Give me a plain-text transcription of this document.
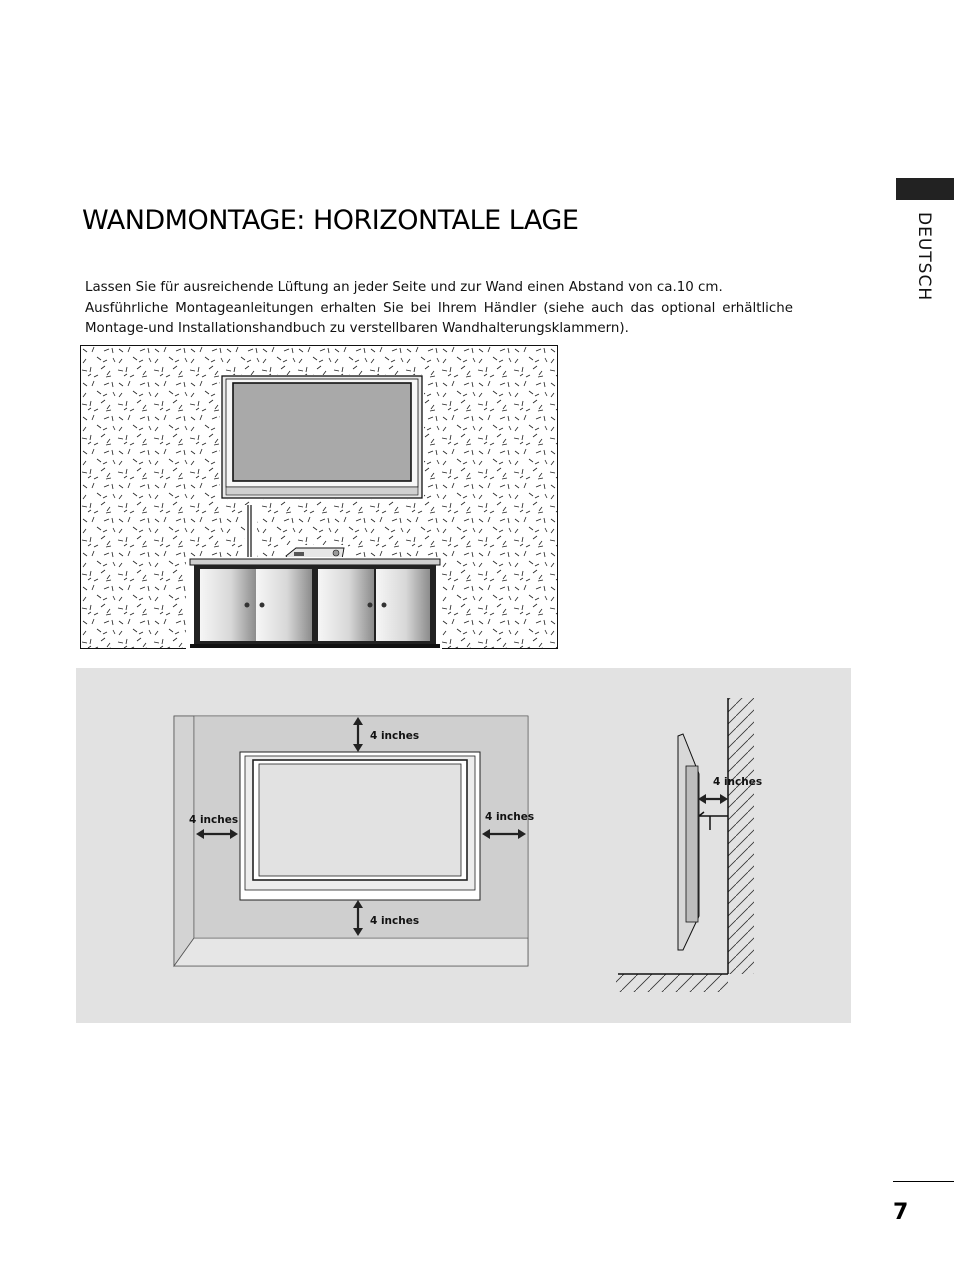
DEUTSCH
WANDMONTAGE: HORIZONTALE LAGE

Lassen Sie für ausreichende Lüftung an jeder Seite und zur Wand einen Abstand von ca.10 cm.

Ausführliche Montageanleitungen erhalten Sie bei Ihrem Händler (siehe auch das optional erhältliche Montage-und Installationshandbuch zu verstellbaren Wandhalterungsklammern).

4 inches
4 inches
4 inches	4 inches
4 inches
7
